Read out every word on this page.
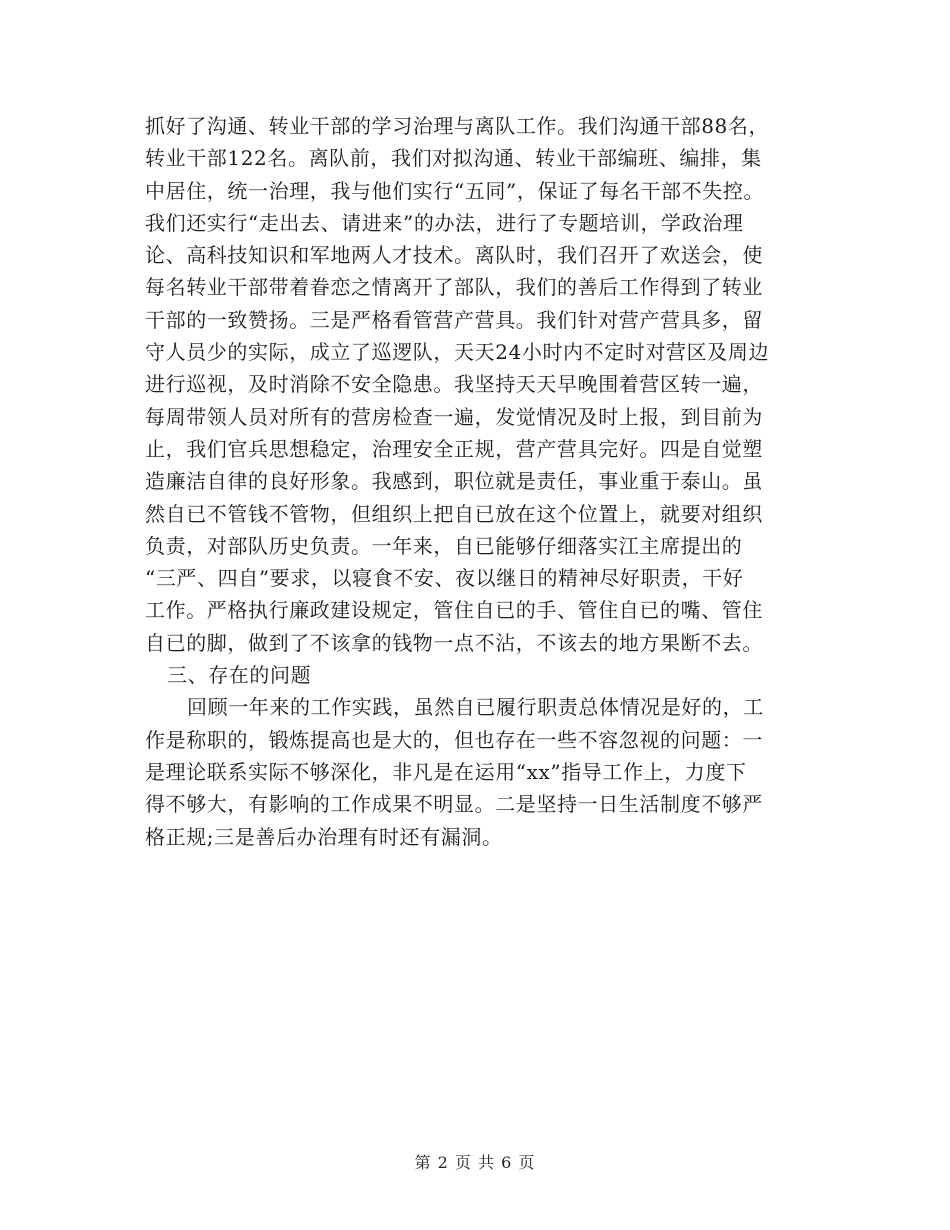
抓好了沟通、转业干部的学习治理与离队工作。我们沟通干部88名，
转业干部122名。离队前，我们对拟沟通、转业干部编班、编排，集
中居住，统一治理，我与他们实行“五同”，保证了每名干部不失控。
我们还实行“走出去、请进来”的办法，进行了专题培训，学政治理
论、高科技知识和军地两人才技术。离队时，我们召开了欢送会，使
每名转业干部带着眷恋之情离开了部队，我们的善后工作得到了转业
干部的一致赞扬。三是严格看管营产营具。我们针对营产营具多，留
守人员少的实际，成立了巡逻队，天天24小时内不定时对营区及周边
进行巡视，及时消除不安全隐患。我坚持天天早晚围着营区转一遍，
每周带领人员对所有的营房检查一遍，发觉情况及时上报，到目前为
止，我们官兵思想稳定，治理安全正规，营产营具完好。四是自觉塑
造廉洁自律的良好形象。我感到，职位就是责任，事业重于泰山。虽
然自已不管钱不管物，但组织上把自已放在这个位置上，就要对组织
负责，对部队历史负责。一年来，自已能够仔细落实江主席提出的
“三严、四自”要求，以寝食不安、夜以继日的精神尽好职责，干好
工作。严格执行廉政建设规定，管住自已的手、管住自已的嘴、管住
自已的脚，做到了不该拿的钱物一点不沾，不该去的地方果断不去。
三、存在的问题
回顾一年来的工作实践，虽然自已履行职责总体情况是好的，工
作是称职的，锻炼提高也是大的，但也存在一些不容忽视的问题：一
是理论联系实际不够深化，非凡是在运用“xx”指导工作上，力度下
得不够大，有影响的工作成果不明显。二是坚持一日生活制度不够严
格正规;三是善后办治理有时还有漏洞。
第 2 页 共 6 页
